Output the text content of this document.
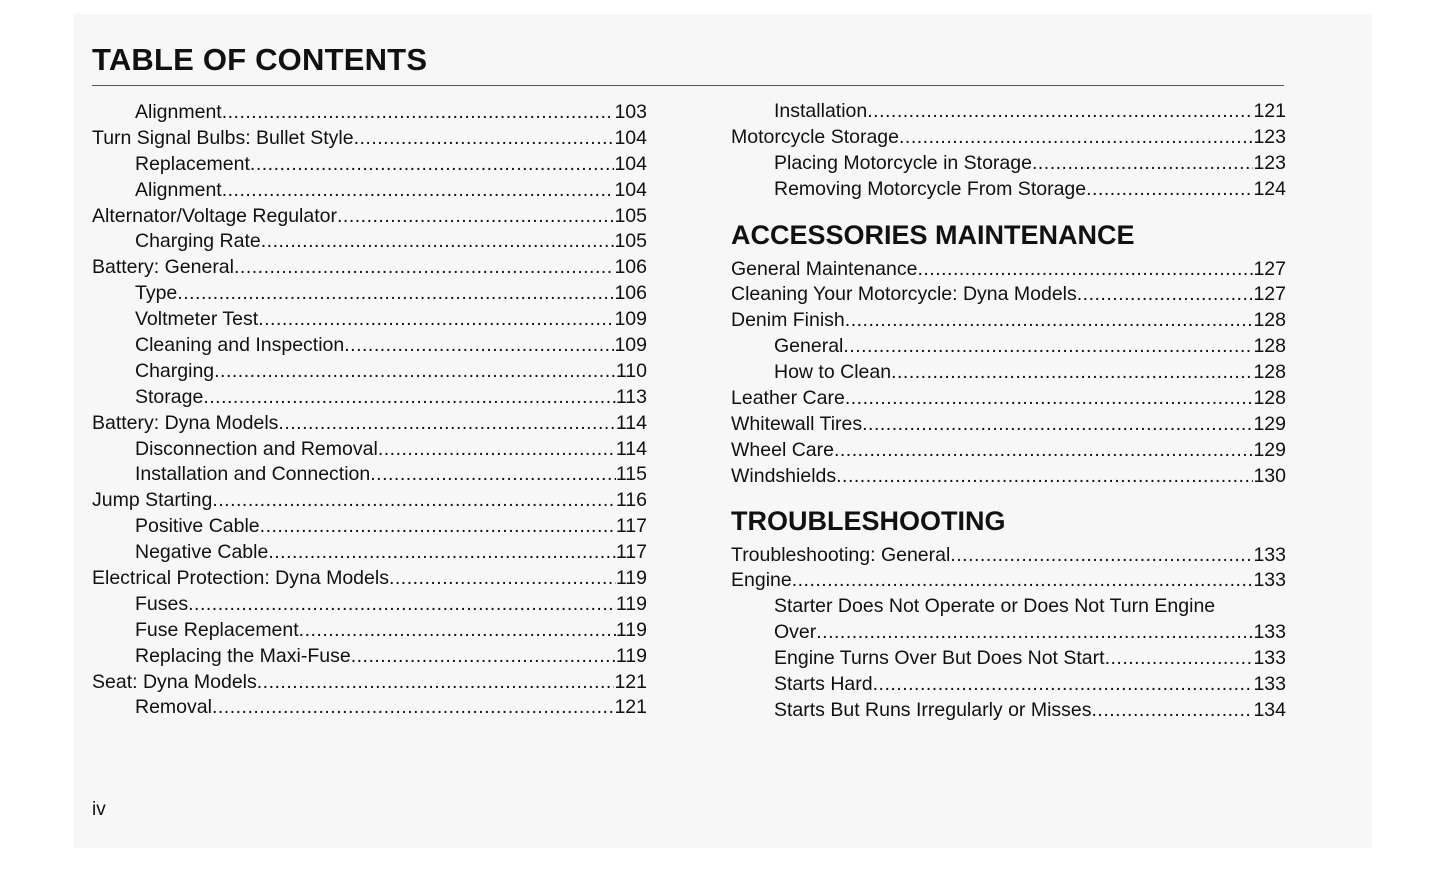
TABLE OF CONTENTS
Alignment .....	103
Turn Signal Bulbs: Bullet Style .....	104
Replacement .....	104
Alignment .....	104
Alternator/Voltage Regulator .....	105
Charging Rate .....	105
Battery: General .....	106
Type .....	106
Voltmeter Test .....	109
Cleaning and Inspection .....	109
Charging .....	110
Storage .....	113
Battery: Dyna Models .....	114
Disconnection and Removal .....	114
Installation and Connection .....	115
Jump Starting .....	116
Positive Cable .....	117
Negative Cable .....	117
Electrical Protection: Dyna Models .....	119
Fuses .....	119
Fuse Replacement .....	119
Replacing the Maxi-Fuse .....	119
Seat: Dyna Models .....	121
Removal .....	121
Installation .....	121
Motorcycle Storage .....	123
Placing Motorcycle in Storage .....	123
Removing Motorcycle From Storage .....	124
ACCESSORIES MAINTENANCE
General Maintenance .....	127
Cleaning Your Motorcycle: Dyna Models .....	127
Denim Finish .....	128
General .....	128
How to Clean .....	128
Leather Care .....	128
Whitewall Tires .....	129
Wheel Care .....	129
Windshields .....	130
TROUBLESHOOTING
Troubleshooting: General .....	133
Engine .....	133
Starter Does Not Operate or Does Not Turn Engine
Over .....	133
Engine Turns Over But Does Not Start .....	133
Starts Hard .....	133
Starts But Runs Irregularly or Misses .....	134
iv
